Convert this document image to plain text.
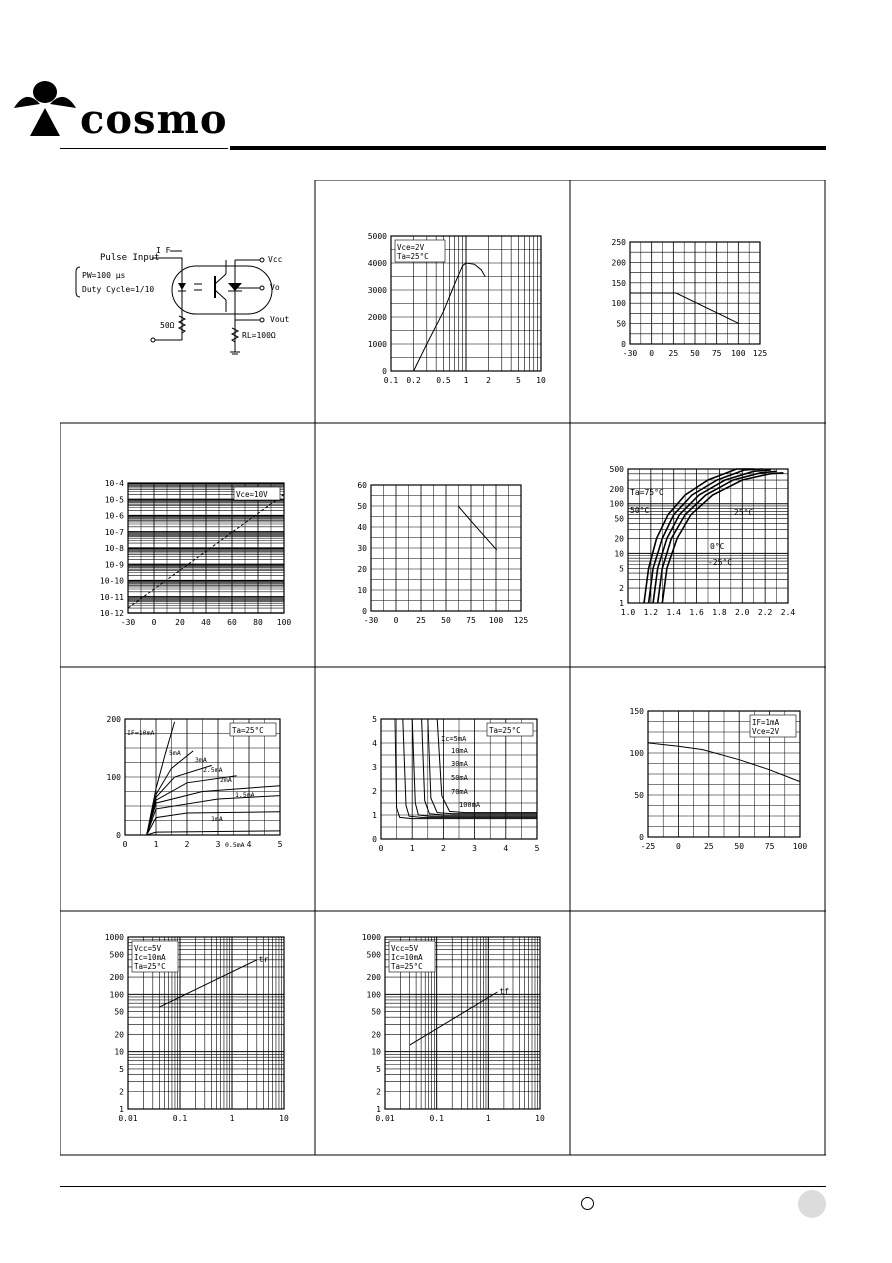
cosmo
Pulse Input
I F
PW=100 μs
Duty Cycle=1/10
Vcc
Vo
Vout
50Ω
RL=100Ω
0.1 0.2 0.5 1 2	5 10
0
1000
2000
3000
4000
5000
Vce=2V
Ta=25°C
-30 0 25 50 75 100 125
0
50
100
150
200
250
-30 0 20 40 60 80 100
10-12
10-11
10-10
10-9
10-8
10-7
10-6
10-5
10-4
Vce=10V
-30 0 25 50 75 100 125
0
10
20
30
40
50
60
1.0 1.2 1.4 1.6 1.8 2.0 2.2 2.4
1
2
5
10
20
50
100
200
500
Ta=75°C
50°C	25°C
0°C
-25°C
0	1	2	3	4	5
0
100
200
Ta=25°C
IF=10mA
5mA
3mA
2.5mA
2mA
1.5mA
1mA
0.5mA	0	1	2	3	4	5
0
1
2
3
4
5
Ta=25°C
Ic=5mA
10mA
30mA
50mA
70mA
100mA
-25	0	25	50	75 100
0
50
100
150
IF=1mA
Vce=2V
0.01	0.1	1	10
1
2
5
10
20
50
100
200
500
1000
Vcc=5V
Ic=10mA
Ta=25°C
tr
0.01	0.1	1	10
1
2
5
10
20
50
100
200
500
1000
Vcc=5V
Ic=10mA
Ta=25°C
tf
